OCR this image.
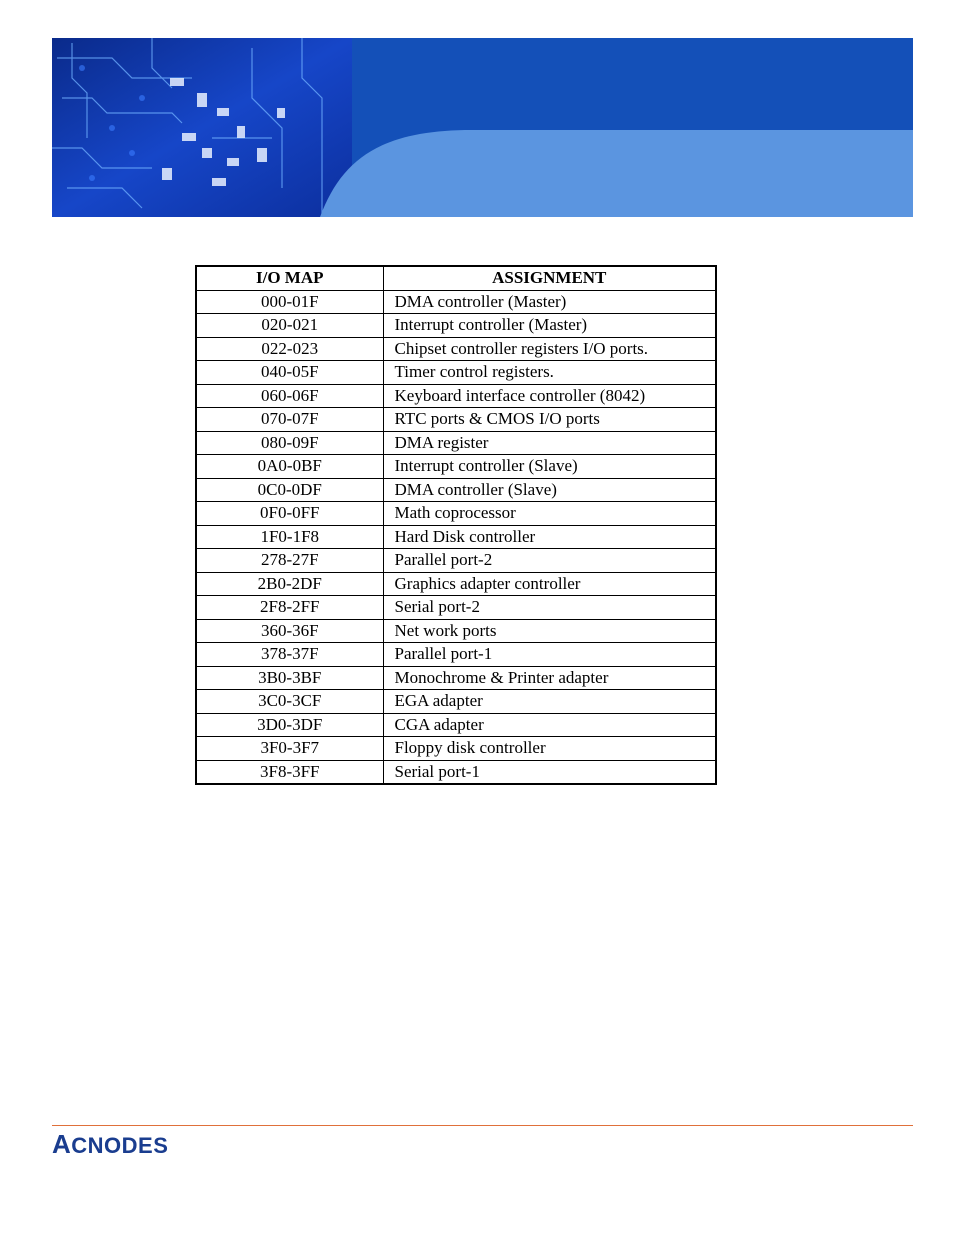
I/O MAP	ASSIGNMENT
000-01F	DMA controller (Master)
020-021	Interrupt controller (Master)
022-023	Chipset controller registers I/O ports.
040-05F	Timer control registers.
060-06F	Keyboard interface controller (8042)
070-07F	RTC ports & CMOS I/O ports
080-09F	DMA register
0A0-0BF	Interrupt controller (Slave)
0C0-0DF	DMA controller (Slave)
0F0-0FF	Math coprocessor
1F0-1F8	Hard Disk controller
278-27F	Parallel port-2
2B0-2DF	Graphics adapter controller
2F8-2FF	Serial port-2
360-36F	Net work ports
378-37F	Parallel port-1
3B0-3BF	Monochrome & Printer adapter
3C0-3CF	EGA adapter
3D0-3DF	CGA adapter
3F0-3F7	Floppy disk controller
3F8-3FF	Serial port-1
ACNODES
